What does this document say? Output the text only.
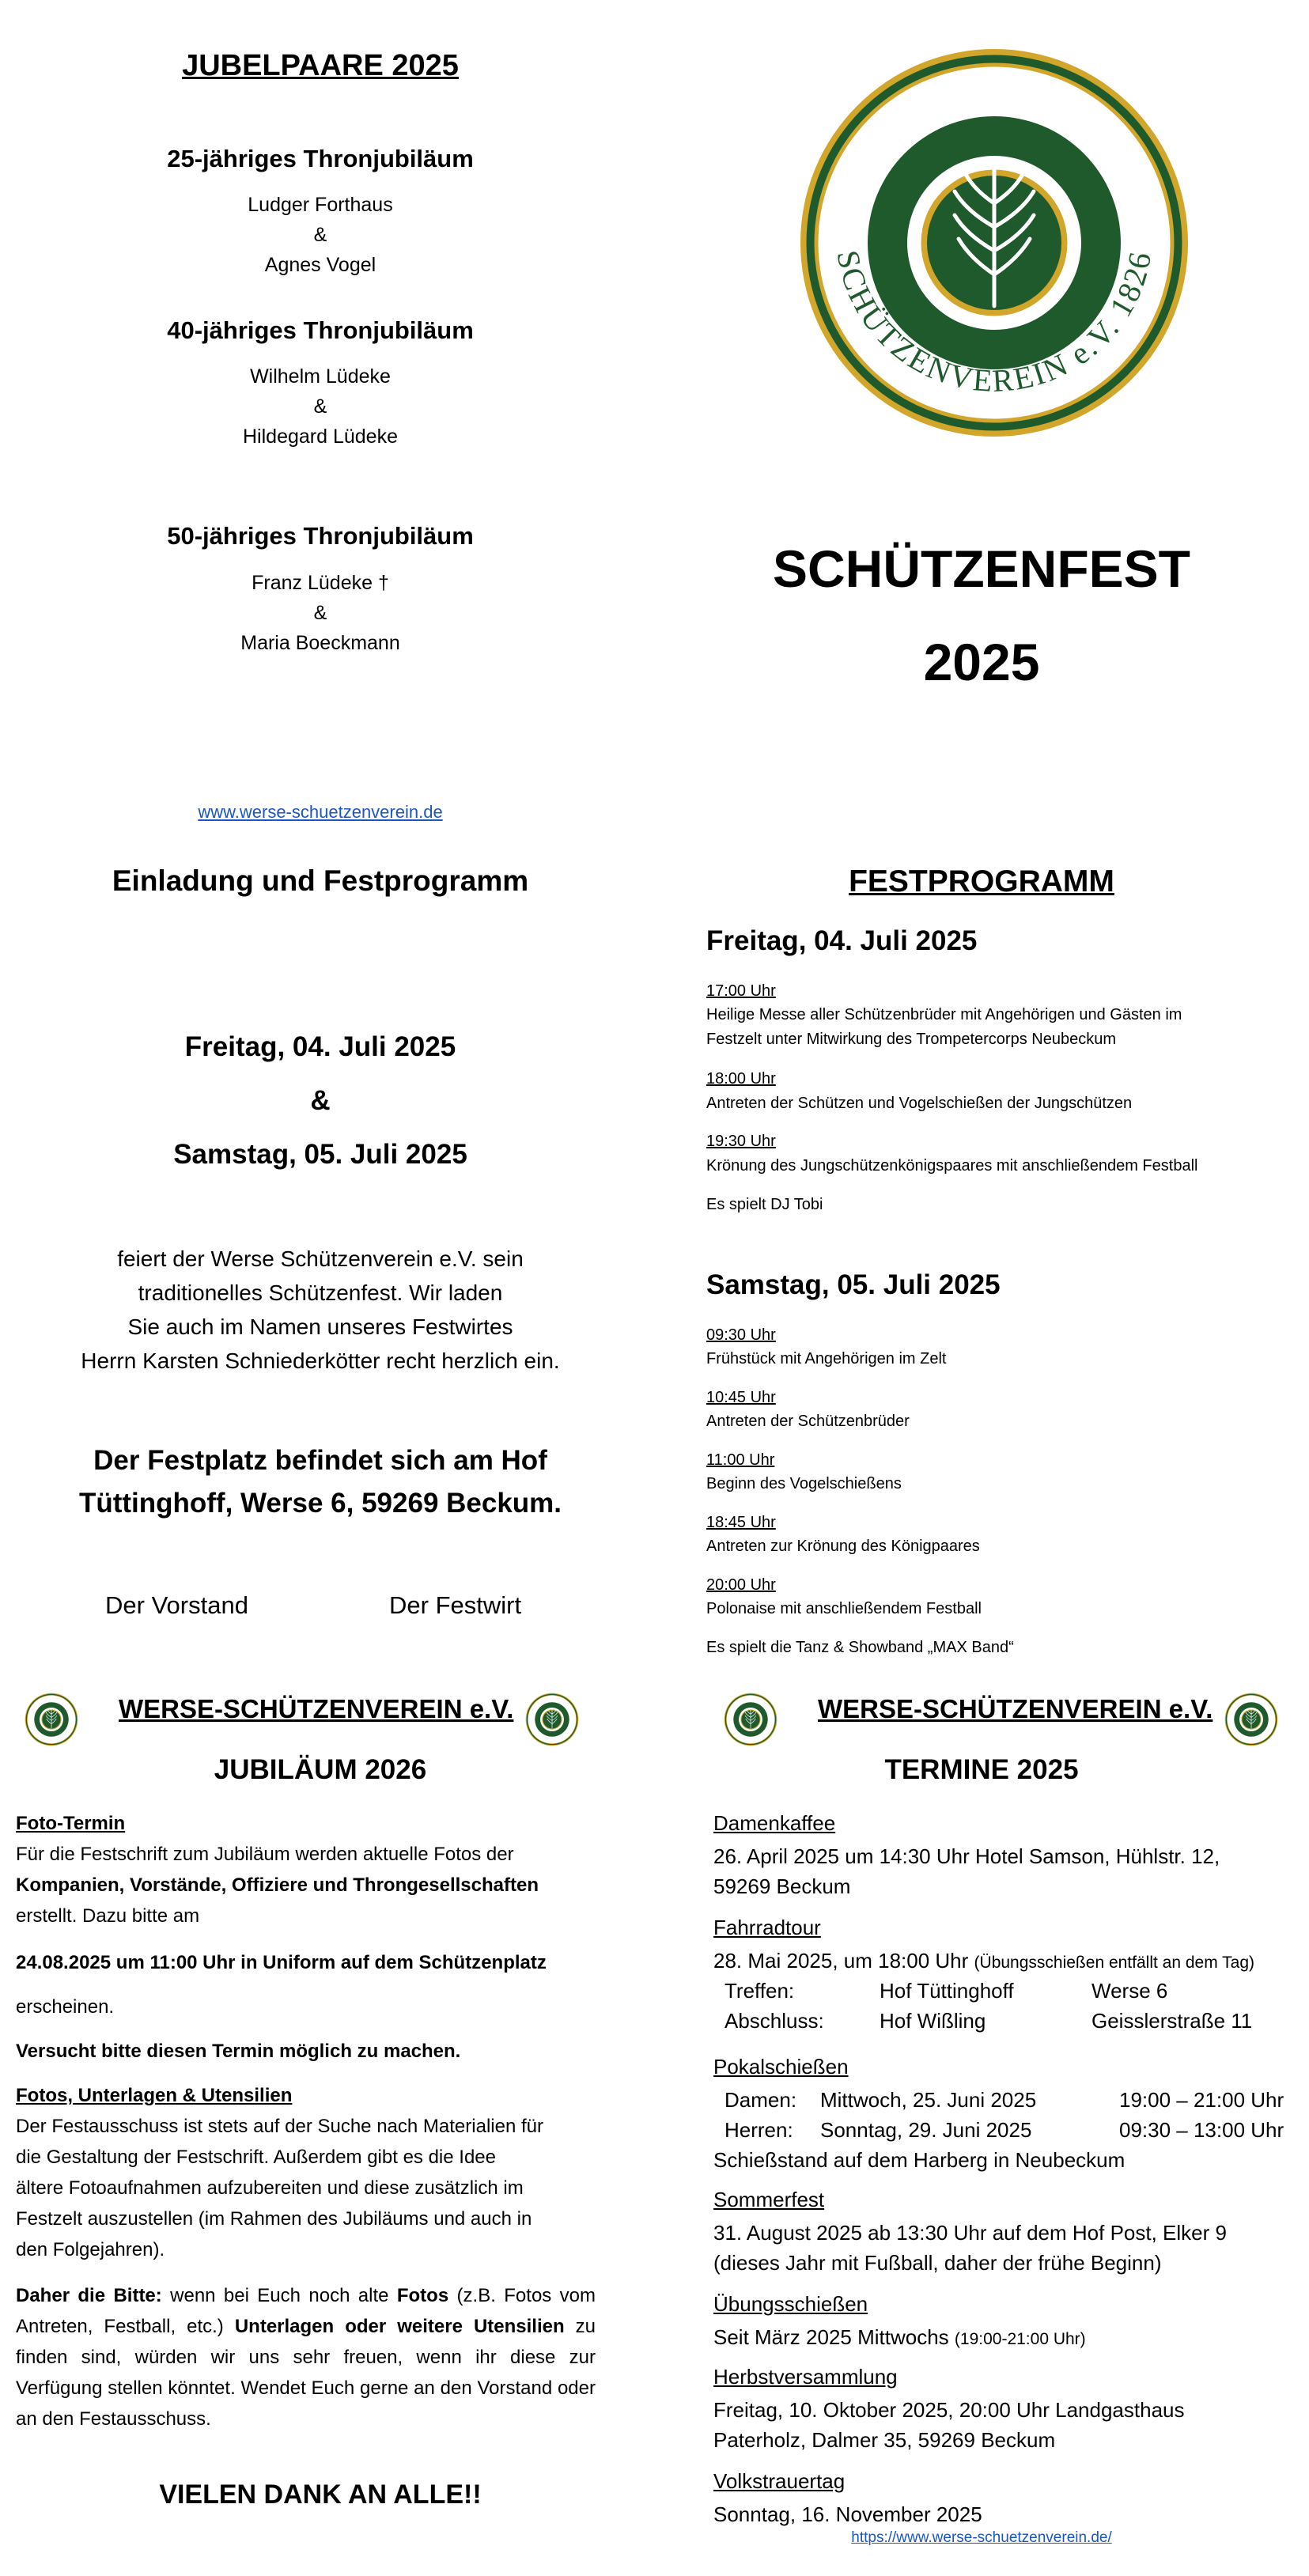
JUBELPAARE 2025
25-jähriges Thronjubiläum
Ludger Forthaus
&
Agnes Vogel
40-jähriges Thronjubiläum
Wilhelm Lüdeke
&
Hildegard Lüdeke
50-jähriges Thronjubiläum
Franz Lüdeke †
&
Maria Boeckmann
www.werse-schuetzenverein.de
WERSE
SCHÜTZENVEREIN e.V. 1826
SCHÜTZENFEST
2025
Einladung und Festprogramm
Freitag, 04. Juli 2025
&
Samstag, 05. Juli 2025
feiert der Werse Schützenverein e.V. sein
traditionelles Schützenfest. Wir laden
Sie auch im Namen unseres Festwirtes
Herrn Karsten Schniederkötter recht herzlich ein.
Der Festplatz befindet sich am Hof
Tüttinghoff, Werse 6, 59269 Beckum.
Der Vorstand	Der Festwirt
FESTPROGRAMM
Freitag, 04. Juli 2025
17:00 Uhr
Heilige Messe aller Schützenbrüder mit Angehörigen und Gästen im
Festzelt unter Mitwirkung des Trompetercorps Neubeckum
18:00 Uhr
Antreten der Schützen und Vogelschießen der Jungschützen
19:30 Uhr
Krönung des Jungschützenkönigspaares mit anschließendem Festball
Es spielt DJ Tobi
Samstag, 05. Juli 2025
09:30 Uhr
Frühstück mit Angehörigen im Zelt
10:45 Uhr
Antreten der Schützenbrüder
11:00 Uhr
Beginn des Vogelschießens
18:45 Uhr
Antreten zur Krönung des Königpaares
20:00 Uhr
Polonaise mit anschließendem Festball
Es spielt die Tanz & Showband „MAX Band“
WERSE-SCHÜTZENVEREIN e.V.
JUBILÄUM 2026
Foto-Termin
Für die Festschrift zum Jubiläum werden aktuelle Fotos der
Kompanien, Vorstände, Offiziere und Throngesellschaften
erstellt. Dazu bitte am
24.08.2025 um 11:00 Uhr in Uniform auf dem Schützenplatz
erscheinen.
Versucht bitte diesen Termin möglich zu machen.
Fotos, Unterlagen & Utensilien
Der Festausschuss ist stets auf der Suche nach Materialien für
die Gestaltung der Festschrift. Außerdem gibt es die Idee
ältere Fotoaufnahmen aufzubereiten und diese zusätzlich im
Festzelt auszustellen (im Rahmen des Jubiläums und auch in
den Folgejahren).
Daher die Bitte: wenn bei Euch noch alte Fotos (z.B. Fotos vom Antreten, Festball, etc.) Unterlagen oder weitere Utensilien zu finden sind, würden wir uns sehr freuen, wenn ihr diese zur Verfügung stellen könntet. Wendet Euch gerne an den Vorstand oder an den Festausschuss.
VIELEN DANK AN ALLE!!
WERSE-SCHÜTZENVEREIN e.V.
TERMINE 2025
Damenkaffee
26. April 2025 um 14:30 Uhr Hotel Samson, Hühlstr. 12,
59269 Beckum
Fahrradtour
28. Mai 2025, um 18:00 Uhr (Übungsschießen entfällt an dem Tag)
Treffen:	Hof Tüttinghoff	Werse 6
Abschluss:	Hof Wißling	Geisslerstraße 11
Pokalschießen
Damen: Mittwoch, 25. Juni 2025	19:00 – 21:00 Uhr
Herren: Sonntag, 29. Juni 2025	09:30 – 13:00 Uhr
Schießstand auf dem Harberg in Neubeckum
Sommerfest
31. August 2025 ab 13:30 Uhr auf dem Hof Post, Elker 9
(dieses Jahr mit Fußball, daher der frühe Beginn)
Übungsschießen
Seit März 2025 Mittwochs (19:00-21:00 Uhr)
Herbstversammlung
Freitag, 10. Oktober 2025, 20:00 Uhr Landgasthaus
Paterholz, Dalmer 35, 59269 Beckum
Volkstrauertag
Sonntag, 16. November 2025
https://www.werse-schuetzenverein.de/
